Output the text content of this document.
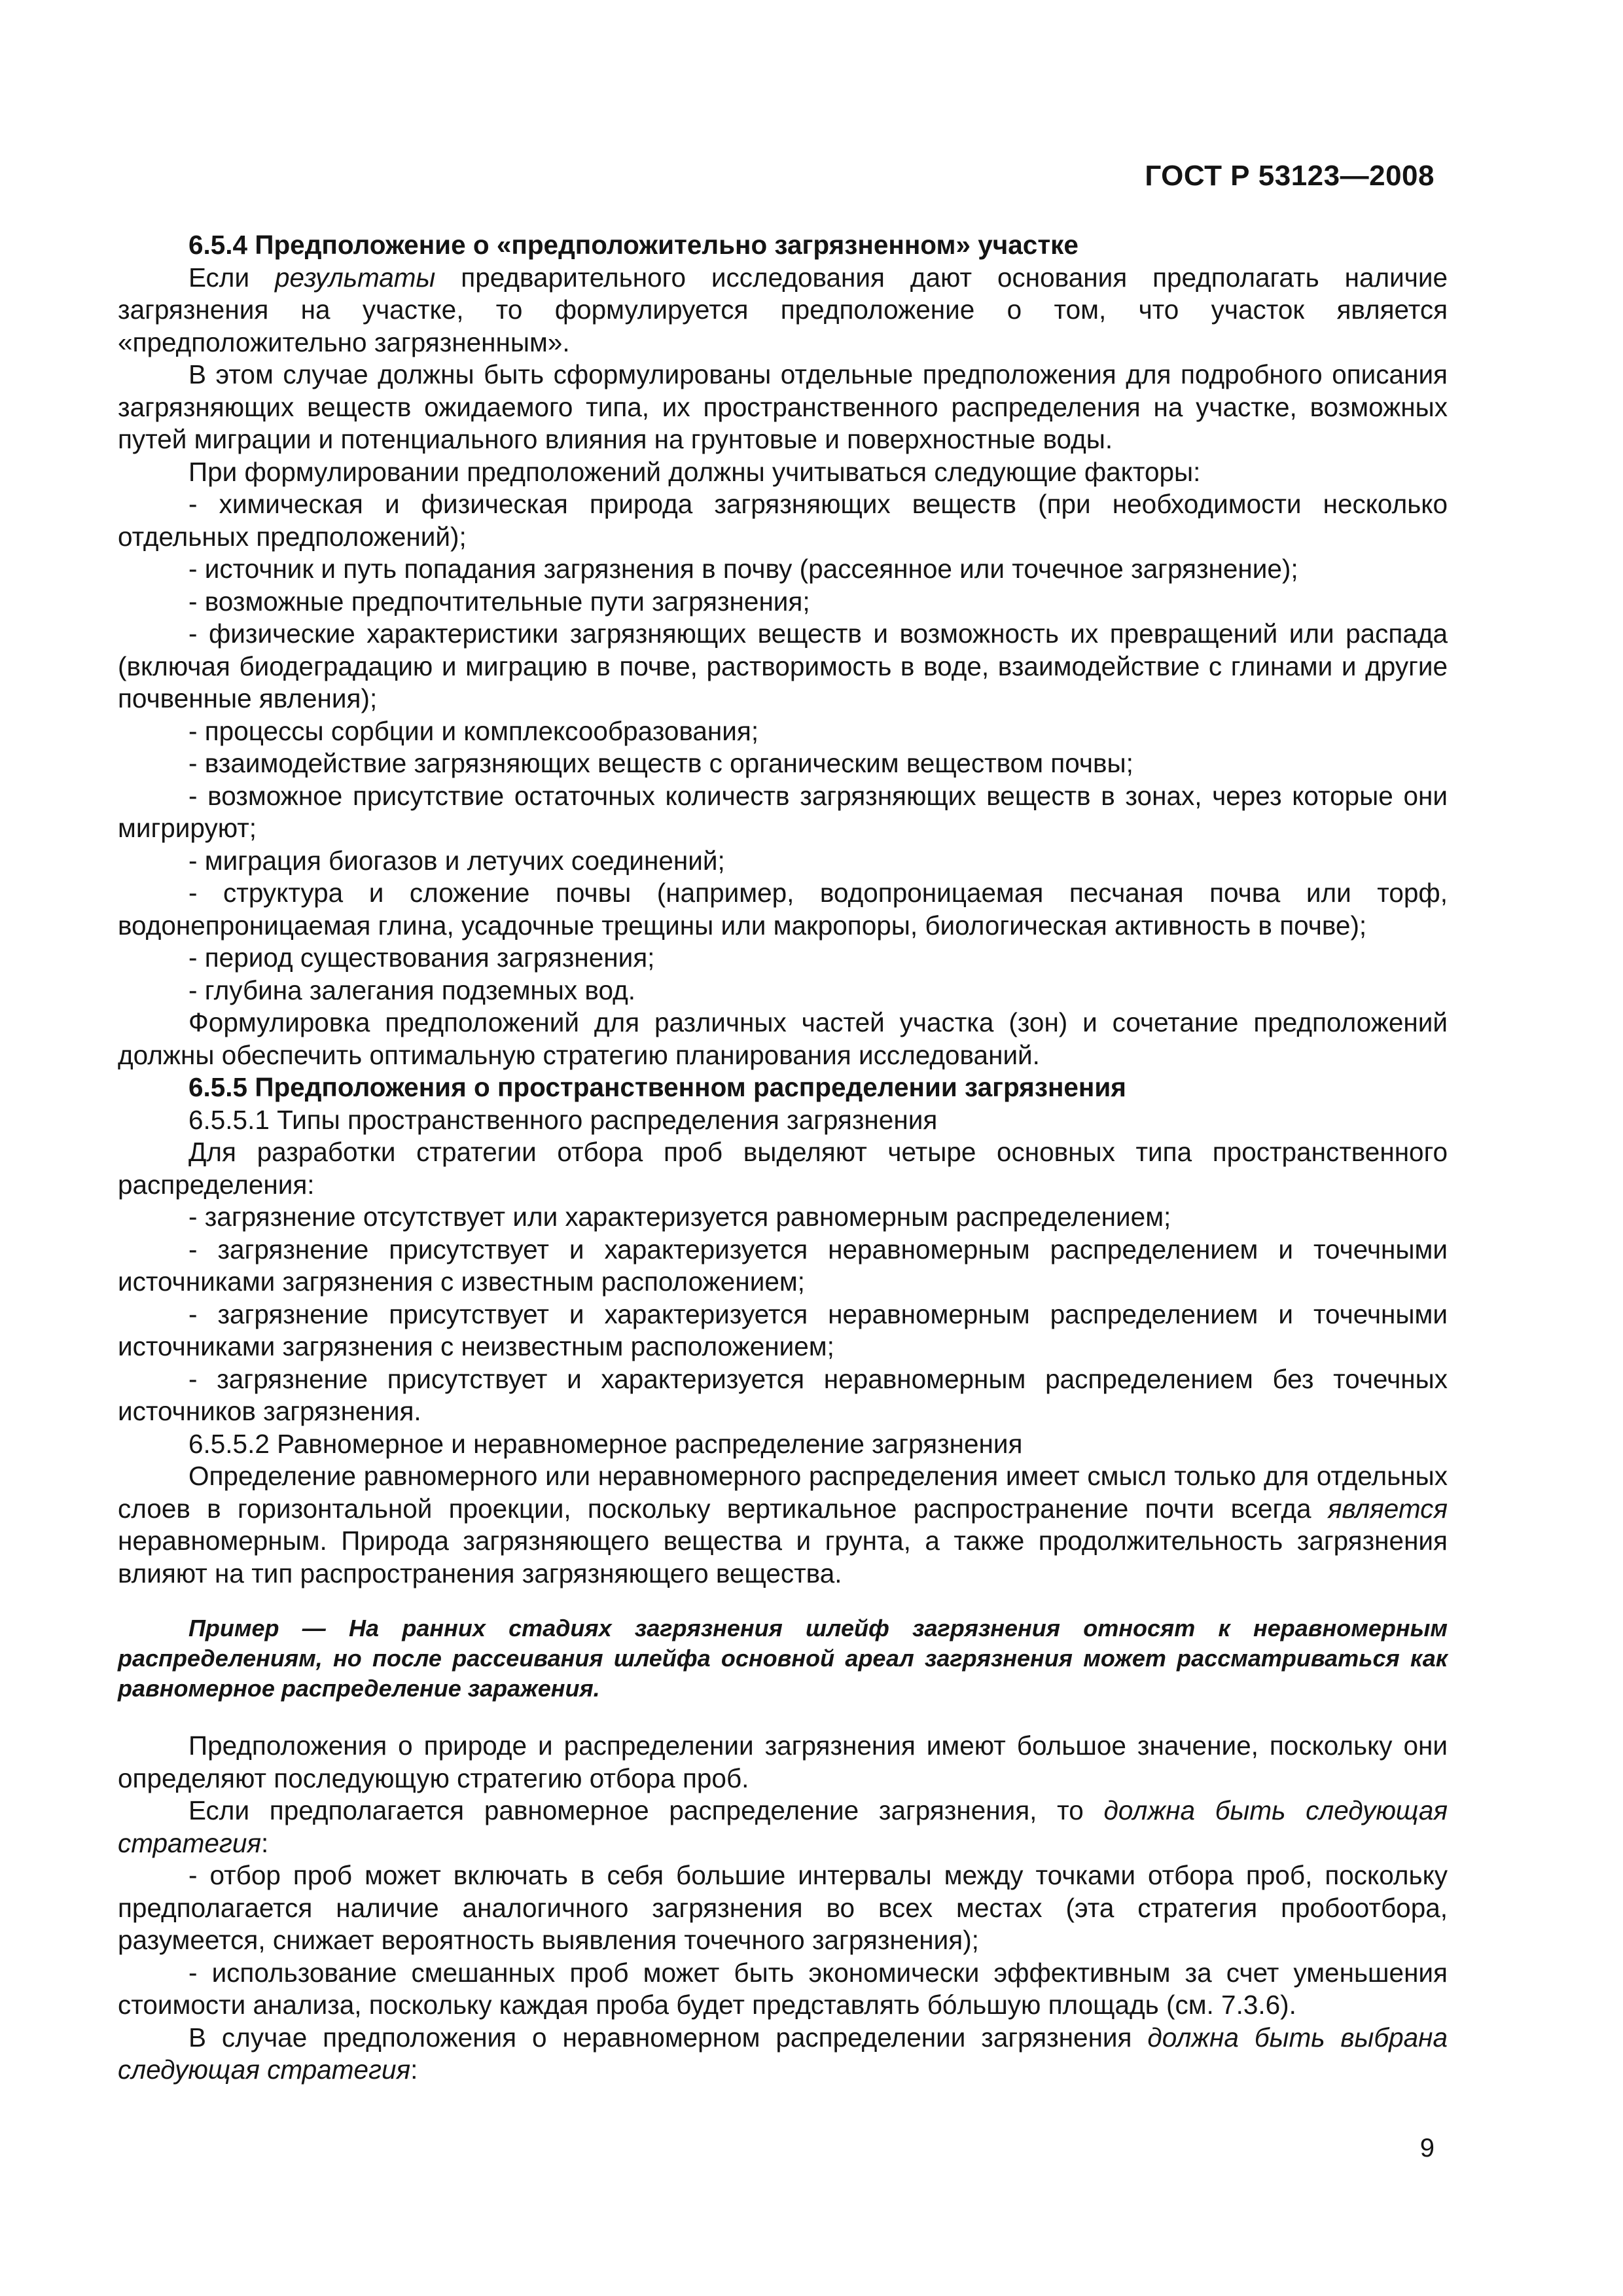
ГОСТ Р 53123—2008

6.5.4 Предположение о «предположительно загрязненном» участке

Если результаты предварительного исследования дают основания предполагать наличие загрязнения на участке, то формулируется предположение о том, что участок является «предположительно загрязненным».

В этом случае должны быть сформулированы отдельные предположения для подробного описания загрязняющих веществ ожидаемого типа, их пространственного распределения на участке, возможных путей миграции и потенциального влияния на грунтовые и поверхностные воды.

При формулировании предположений должны учитываться следующие факторы:

- химическая и физическая природа загрязняющих веществ (при необходимости несколько отдельных предположений);

- источник и путь попадания загрязнения в почву (рассеянное или точечное загрязнение);

- возможные предпочтительные пути загрязнения;

- физические характеристики загрязняющих веществ и возможность их превращений или распада (включая биодеградацию и миграцию в почве, растворимость в воде, взаимодействие с глинами и другие почвенные явления);

- процессы сорбции и комплексообразования;

- взаимодействие загрязняющих веществ с органическим веществом почвы;

- возможное присутствие остаточных количеств загрязняющих веществ в зонах, через которые они мигрируют;

- миграция биогазов и летучих соединений;

- структура и сложение почвы (например, водопроницаемая песчаная почва или торф, водонепроницаемая глина, усадочные трещины или макропоры, биологическая активность в почве);

- период существования загрязнения;

- глубина залегания подземных вод.

Формулировка предположений для различных частей участка (зон) и сочетание предположений должны обеспечить оптимальную стратегию планирования исследований.

6.5.5 Предположения о пространственном распределении загрязнения

6.5.5.1 Типы пространственного распределения загрязнения

Для разработки стратегии отбора проб выделяют четыре основных типа пространственного распределения:

- загрязнение отсутствует или характеризуется равномерным распределением;

- загрязнение присутствует и характеризуется неравномерным распределением и точечными источниками загрязнения с известным расположением;

- загрязнение присутствует и характеризуется неравномерным распределением и точечными источниками загрязнения с неизвестным расположением;

- загрязнение присутствует и характеризуется неравномерным распределением без точечных источников загрязнения.

6.5.5.2 Равномерное и неравномерное распределение загрязнения

Определение равномерного или неравномерного распределения имеет смысл только для отдельных слоев в горизонтальной проекции, поскольку вертикальное распространение почти всегда является неравномерным. Природа загрязняющего вещества и грунта, а также продолжительность загрязнения влияют на тип распространения загрязняющего вещества.

Пример — На ранних стадиях загрязнения шлейф загрязнения относят к неравномерным распределениям, но после рассеивания шлейфа основной ареал загрязнения может рассматриваться как равномерное распределение заражения.

Предположения о природе и распределении загрязнения имеют большое значение, поскольку они определяют последующую стратегию отбора проб.

Если предполагается равномерное распределение загрязнения, то должна быть следующая стратегия:

- отбор проб может включать в себя большие интервалы между точками отбора проб, поскольку предполагается наличие аналогичного загрязнения во всех местах (эта стратегия пробоотбора, разумеется, снижает вероятность выявления точечного загрязнения);

- использование смешанных проб может быть экономически эффективным за счет уменьшения стоимости анализа, поскольку каждая проба будет представлять бóльшую площадь (см. 7.3.6).

В случае предположения о неравномерном распределении загрязнения должна быть выбрана следующая стратегия:

9
